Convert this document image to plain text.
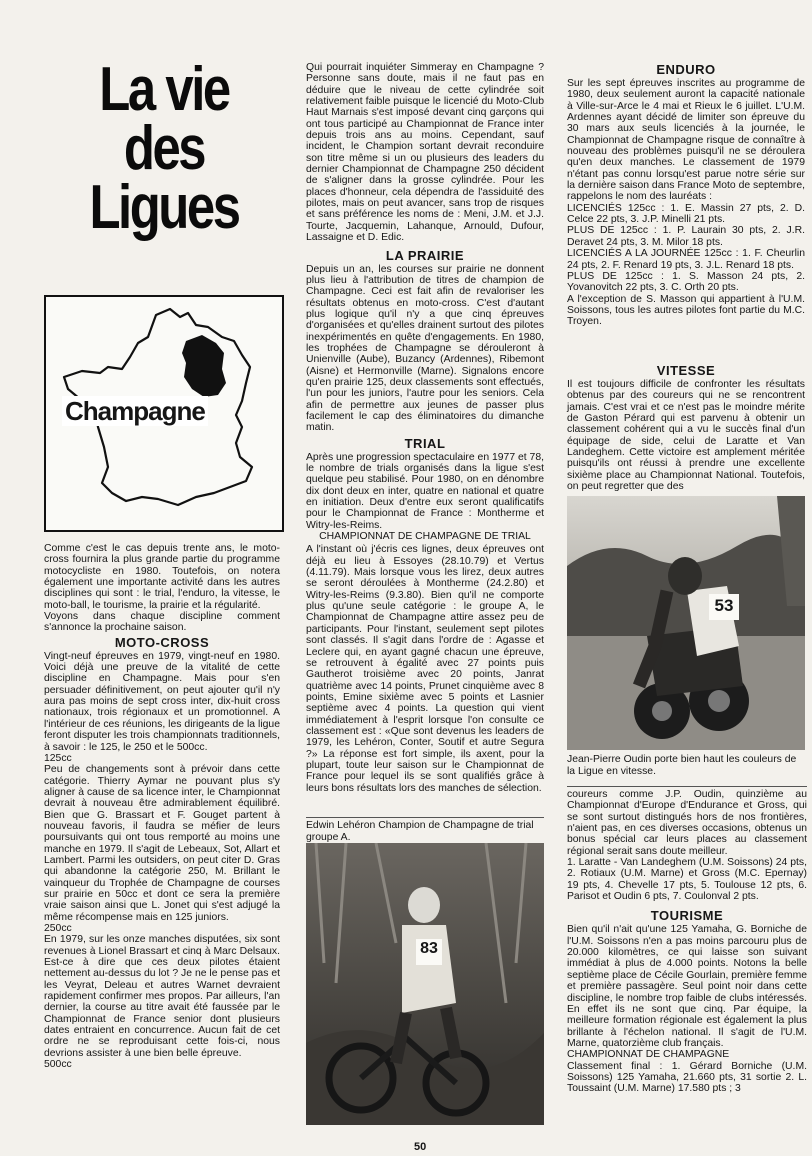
La vie des Ligues
Champagne

Comme c'est le cas depuis trente ans, le moto-cross fournira la plus grande partie du programme motocycliste en 1980. Toutefois, on notera également une importante activité dans les autres disciplines qui sont : le trial, l'enduro, la vitesse, le moto-ball, le tourisme, la prairie et la régularité.

Voyons dans chaque discipline comment s'annonce la prochaine saison.

MOTO-CROSS

Vingt-neuf épreuves en 1979, vingt-neuf en 1980. Voici déjà une preuve de la vitalité de cette discipline en Champagne. Mais pour s'en persuader définitivement, on peut ajouter qu'il n'y aura pas moins de sept cross inter, dix-huit cross nationaux, trois régionaux et un promotionnel. A l'intérieur de ces réunions, les dirigeants de la ligue feront disputer les trois championnats traditionnels, à savoir : le 125, le 250 et le 500cc.

125cc

Peu de changements sont à prévoir dans cette catégorie. Thierry Aymar ne pouvant plus s'y aligner à cause de sa licence inter, le Championnat devrait à nouveau être admirablement équilibré. Bien que G. Brassart et F. Gouget partent à nouveau favoris, il faudra se méfier de leurs poursuivants qui ont tous remporté au moins une manche en 1979. Il s'agit de Lebeaux, Sot, Allart et Lambert. Parmi les outsiders, on peut citer D. Gras qui abandonne la catégorie 250, M. Brillant le vainqueur du Trophée de Champagne de courses sur prairie en 50cc et dont ce sera la première vraie saison ainsi que L. Jonet qui s'est adjugé la même récompense mais en 125 juniors.

250cc

En 1979, sur les onze manches disputées, six sont revenues à Lionel Brassart et cinq à Marc Delsaux. Est-ce à dire que ces deux pilotes étaient nettement au-dessus du lot ? Je ne le pense pas et les Veyrat, Deleau et autres Warnet devraient rapidement confirmer mes propos. Par ailleurs, l'an dernier, la course au titre avait été faussée par le Championnat de France senior dont plusieurs dates entraient en concurrence. Aucun fait de cet ordre ne se reproduisant cette fois-ci, nous devrions assister à une bien belle épreuve.

500cc

Qui pourrait inquiéter Simmeray en Champagne ? Personne sans doute, mais il ne faut pas en déduire que le niveau de cette cylindrée soit relativement faible puisque le licencié du Moto-Club Haut Marnais s'est imposé devant cinq garçons qui ont tous participé au Championnat de France inter depuis trois ans au moins. Cependant, sauf incident, le Champion sortant devrait reconduire son titre même si un ou plusieurs des leaders du dernier Championnat de Champagne 250 décident de s'aligner dans la grosse cylindrée. Pour les places d'honneur, cela dépendra de l'assiduité des pilotes, mais on peut avancer, sans trop de risques et sans préférence les noms de : Meni, J.M. et J.J. Tourte, Jacquemin, Lahanque, Arnould, Dufour, Lassaigne et D. Edic.

LA PRAIRIE

Depuis un an, les courses sur prairie ne donnent plus lieu à l'attribution de titres de champion de Champagne. Ceci est fait afin de revaloriser les résultats obtenus en moto-cross. C'est d'autant plus logique qu'il n'y a que cinq épreuves d'organisées et qu'elles drainent surtout des pilotes inexpérimentés en quête d'engagements. En 1980, les trophées de Champagne se dérouleront à Unienville (Aube), Buzancy (Ardennes), Ribemont (Aisne) et Hermonville (Marne). Signalons encore qu'en prairie 125, deux classements sont effectués, l'un pour les juniors, l'autre pour les seniors. Cela afin de permettre aux jeunes de passer plus facilement le cap des éliminatoires du dimanche matin.

TRIAL

Après une progression spectaculaire en 1977 et 78, le nombre de trials organisés dans la ligue s'est quelque peu stabilisé. Pour 1980, on en dénombre dix dont deux en inter, quatre en national et quatre en initiation. Deux d'entre eux seront qualificatifs pour le Championnat de France : Montherme et Witry-les-Reims.

CHAMPIONNAT DE CHAMPAGNE DE TRIAL

A l'instant où j'écris ces lignes, deux épreuves ont déjà eu lieu à Essoyes (28.10.79) et Vertus (4.11.79). Mais lorsque vous les lirez, deux autres se seront déroulées à Montherme (24.2.80) et Witry-les-Reims (9.3.80). Bien qu'il ne comporte plus qu'une seule catégorie : le groupe A, le Championnat de Champagne attire assez peu de participants. Pour l'instant, seulement sept pilotes sont classés. Il s'agit dans l'ordre de : Agasse et Leclere qui, en ayant gagné chacun une épreuve, se retrouvent à égalité avec 27 points puis Gautherot troisième avec 20 points, Janrat quatrième avec 14 points, Prunet cinquième avec 8 points, Emine sixième avec 5 points et Lasnier septième avec 4 points. La question qui vient immédiatement à l'esprit lorsque l'on consulte ce classement est : «Que sont devenus les leaders de 1979, les Lehéron, Conter, Soutif et autre Segura ?» La réponse est fort simple, ils axent, pour la plupart, toute leur saison sur le Championnat de France pour lequel ils se sont qualifiés grâce à leurs bons résultats lors des manches de sélection.

Edwin Lehéron Champion de Champagne de trial groupe A.
83
ENDURO

Sur les sept épreuves inscrites au programme de 1980, deux seulement auront la capacité nationale à Ville-sur-Arce le 4 mai et Rieux le 6 juillet. L'U.M. Ardennes ayant décidé de limiter son épreuve du 30 mars aux seuls licenciés à la journée, le Championnat de Champagne risque de connaître à nouveau des problèmes puisqu'il ne se déroulera qu'en deux manches. Le classement de 1979 n'étant pas connu lorsqu'est parue notre série sur la dernière saison dans France Moto de septembre, rappelons le nom des lauréats :

LICENCIÉS 125cc : 1. E. Massin 27 pts, 2. D. Celce 22 pts, 3. J.P. Minelli 21 pts.

PLUS DE 125cc : 1. P. Laurain 30 pts, 2. J.R. Deravet 24 pts, 3. M. Milor 18 pts.

LICENCIÉS A LA JOURNÉE 125cc : 1. F. Cheurlin 24 pts, 2. F. Renard 19 pts, 3. J.L. Renard 18 pts.

PLUS DE 125cc : 1. S. Masson 24 pts, 2. Yovanovitch 22 pts, 3. C. Orth 20 pts.

A l'exception de S. Masson qui appartient à l'U.M. Soissons, tous les autres pilotes font partie du M.C. Troyen.

VITESSE

Il est toujours difficile de confronter les résultats obtenus par des coureurs qui ne se rencontrent jamais. C'est vrai et ce n'est pas le moindre mérite de Gaston Pérard qui est parvenu à obtenir un classement cohérent qui a vu le succès final d'un équipage de side, celui de Laratte et Van Landeghem. Cette victoire est amplement méritée puisqu'ils ont réussi à prendre une excellente sixième place au Championnat National. Toutefois, on peut regretter que des

53
Jean-Pierre Oudin porte bien haut les couleurs de la Ligue en vitesse.

coureurs comme J.P. Oudin, quinzième au Championnat d'Europe d'Endurance et Gross, qui se sont surtout distingués hors de nos frontières, n'aient pas, en ces diverses occasions, obtenus un bonus spécial car leurs places au classement régional serait sans doute meilleur.

1. Laratte - Van Landeghem (U.M. Soissons) 24 pts, 2. Rotiaux (U.M. Marne) et Gross (M.C. Epernay) 19 pts, 4. Chevelle 17 pts, 5. Toulouse 12 pts, 6. Parisot et Oudin 6 pts, 7. Coulonval 2 pts.

TOURISME

Bien qu'il n'ait qu'une 125 Yamaha, G. Borniche de l'U.M. Soissons n'en a pas moins parcouru plus de 20.000 kilomètres, ce qui laisse son suivant immédiat à plus de 4.000 points. Notons la belle septième place de Cécile Gourlain, première femme et première passagère. Seul point noir dans cette discipline, le nombre trop faible de clubs intéressés. En effet ils ne sont que cinq. Par équipe, la meilleure formation régionale est également la plus brillante à l'échelon national. Il s'agit de l'U.M. Marne, quatorzième club français.

CHAMPIONNAT DE CHAMPAGNE

Classement final : 1. Gérard Borniche (U.M. Soissons) 125 Yamaha, 21.660 pts, 31 sortie 2. L. Toussaint (U.M. Marne) 17.580 pts ; 3

50
